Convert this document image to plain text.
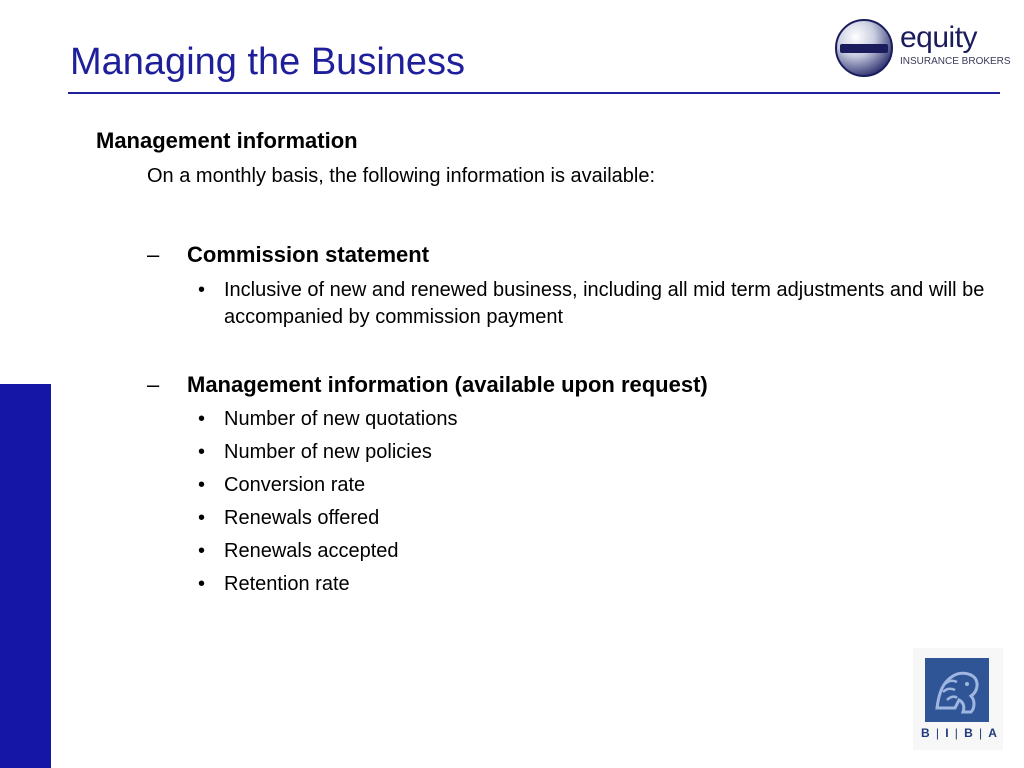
Managing the Business
equity
INSURANCE BROKERS
Management information
On a monthly basis, the following information is available:
– Commission statement
• Inclusive of new and renewed business, including all mid term adjustments and will be accompanied by commission payment
– Management information (available upon request)
• Number of new quotations
• Number of new policies
• Conversion rate
• Renewals offered
• Renewals accepted
• Retention rate
B | I | B | A
